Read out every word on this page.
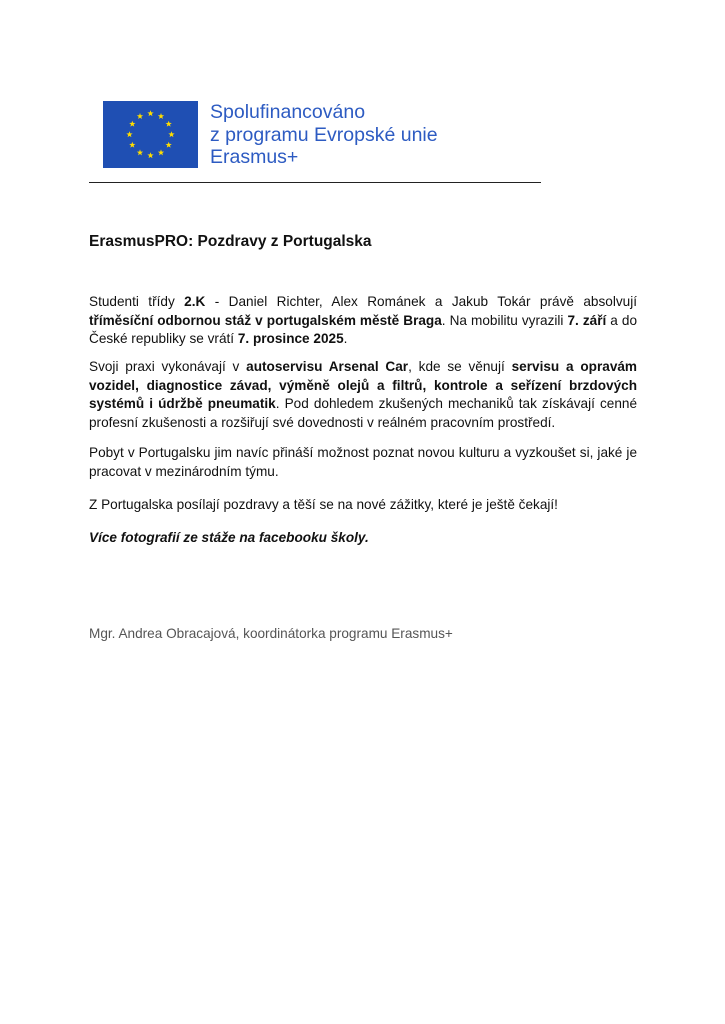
Spolufinancováno
z programu Evropské unie
Erasmus+
ErasmusPRO: Pozdravy z Portugalska

Studenti třídy 2.K - Daniel Richter, Alex Románek a Jakub Tokár právě absolvují tříměsíční odbornou stáž v portugalském městě Braga. Na mobilitu vyrazili 7. září a do České republiky se vrátí 7. prosince 2025.

Svoji praxi vykonávají v autoservisu Arsenal Car, kde se věnují servisu a opravám vozidel, diagnostice závad, výměně olejů a filtrů, kontrole a seřízení brzdových systémů i údržbě pneumatik. Pod dohledem zkušených mechaniků tak získávají cenné profesní zkušenosti a rozšiřují své dovednosti v reálném pracovním prostředí.

Pobyt v Portugalsku jim navíc přináší možnost poznat novou kulturu a vyzkoušet si, jaké je pracovat v mezinárodním týmu.

Z Portugalska posílají pozdravy a těší se na nové zážitky, které je ještě čekají!

Více fotografií ze stáže na facebooku školy.

Mgr. Andrea Obracajová, koordinátorka programu Erasmus+
